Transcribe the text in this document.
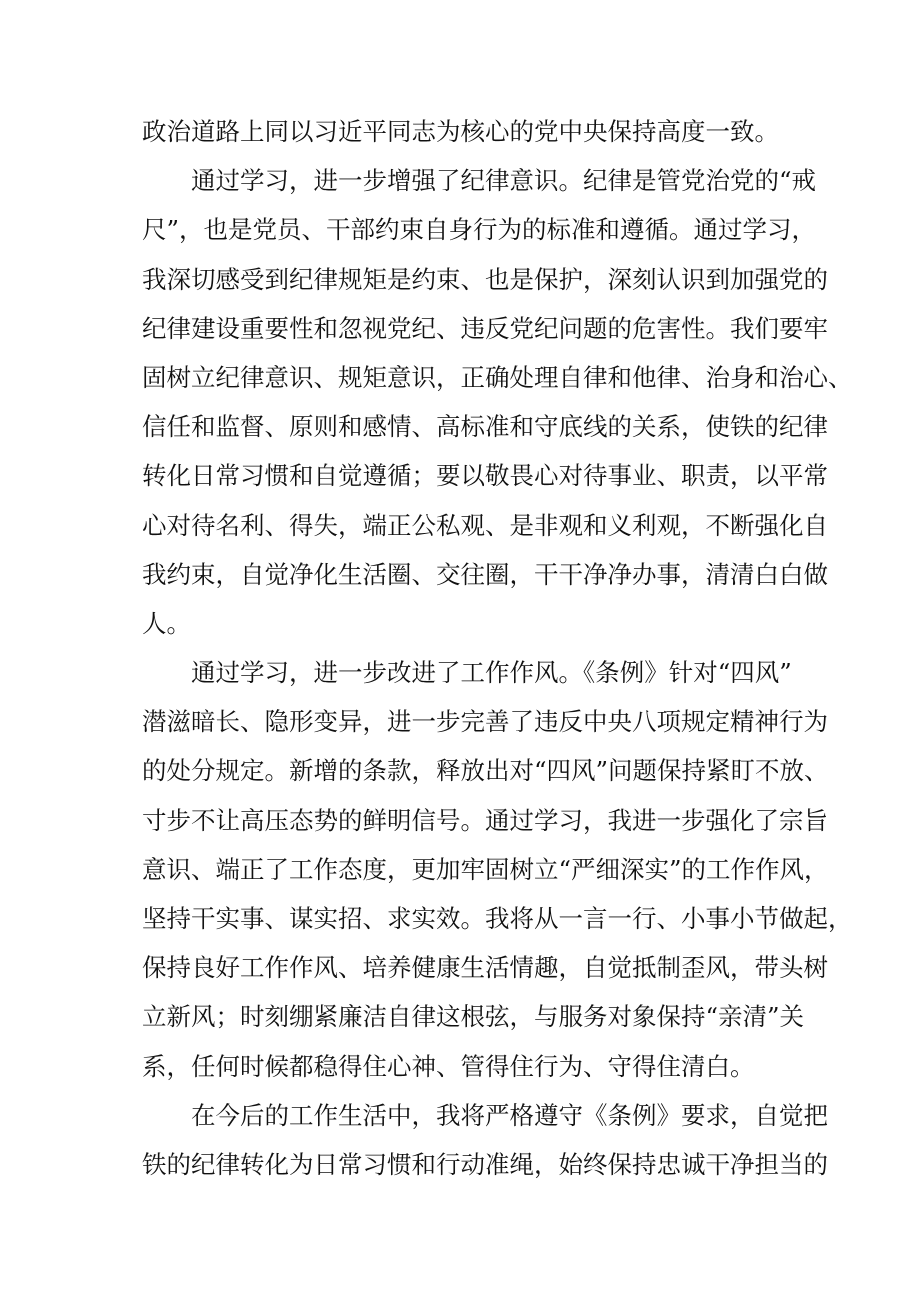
政治道路上同以习近平同志为核心的党中央保持高度一致。
通过学习，进一步增强了纪律意识。纪律是管党治党的“戒
尺”，也是党员、干部约束自身行为的标准和遵循。通过学习，
我深切感受到纪律规矩是约束、也是保护，深刻认识到加强党的
纪律建设重要性和忽视党纪、违反党纪问题的危害性。我们要牢
固树立纪律意识、规矩意识，正确处理自律和他律、治身和治心、
信任和监督、原则和感情、高标准和守底线的关系，使铁的纪律
转化日常习惯和自觉遵循；要以敬畏心对待事业、职责，以平常
心对待名利、得失，端正公私观、是非观和义利观，不断强化自
我约束，自觉净化生活圈、交往圈，干干净净办事，清清白白做
人。
通过学习，进一步改进了工作作风。《条例》针对“四风”
潜滋暗长、隐形变异，进一步完善了违反中央八项规定精神行为
的处分规定。新增的条款，释放出对“四风”问题保持紧盯不放、
寸步不让高压态势的鲜明信号。通过学习，我进一步强化了宗旨
意识、端正了工作态度，更加牢固树立“严细深实”的工作作风，
坚持干实事、谋实招、求实效。我将从一言一行、小事小节做起，
保持良好工作作风、培养健康生活情趣，自觉抵制歪风，带头树
立新风；时刻绷紧廉洁自律这根弦，与服务对象保持“亲清”关
系，任何时候都稳得住心神、管得住行为、守得住清白。
在今后的工作生活中，我将严格遵守《条例》要求，自觉把
铁的纪律转化为日常习惯和行动准绳，始终保持忠诚干净担当的
